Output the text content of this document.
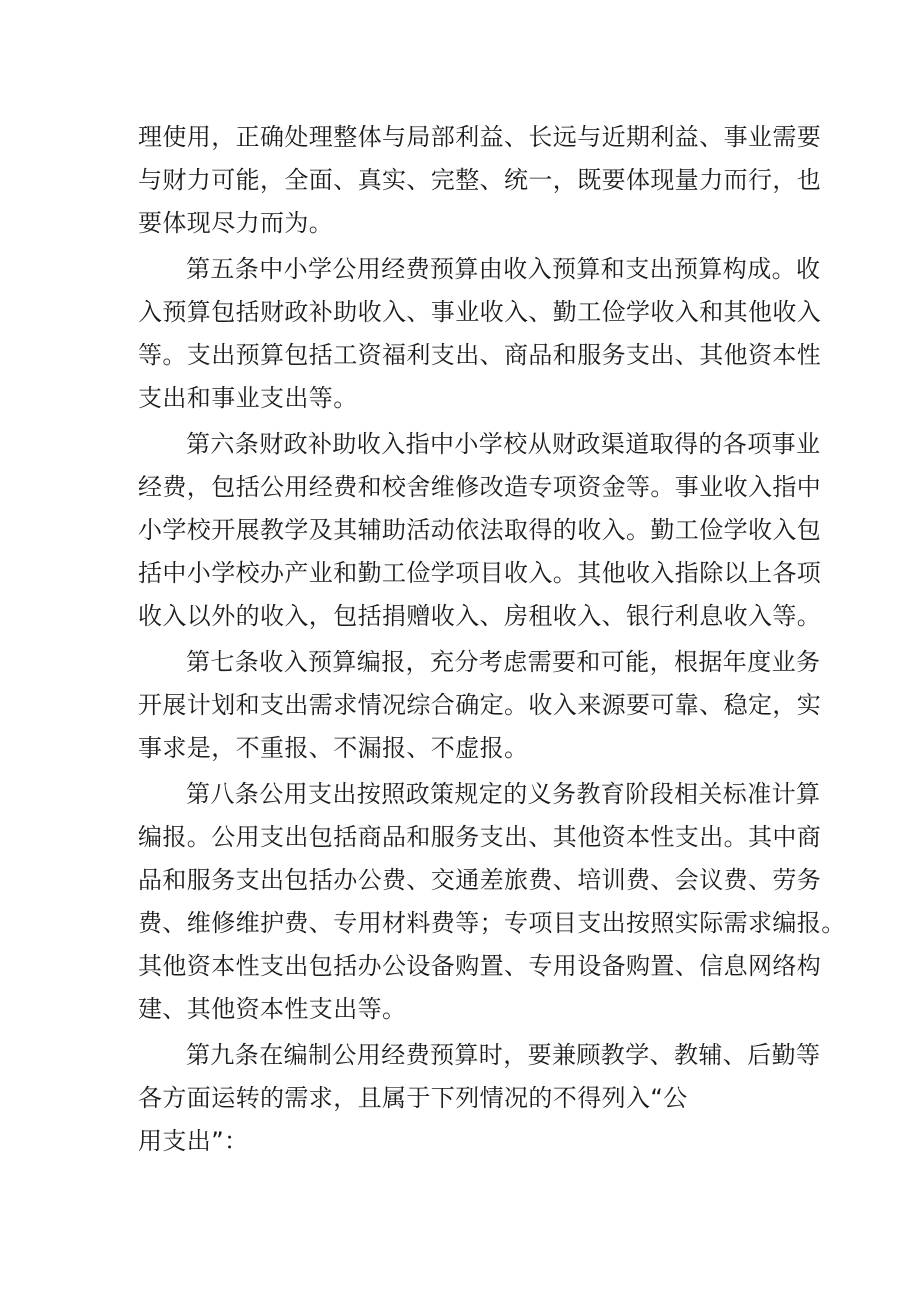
理使用，正确处理整体与局部利益、长远与近期利益、事业需要
与财力可能，全面、真实、完整、统一，既要体现量力而行，也
要体现尽力而为。
第五条中小学公用经费预算由收入预算和支出预算构成。收
入预算包括财政补助收入、事业收入、勤工俭学收入和其他收入
等。支出预算包括工资福利支出、商品和服务支出、其他资本性
支出和事业支出等。
第六条财政补助收入指中小学校从财政渠道取得的各项事业
经费，包括公用经费和校舍维修改造专项资金等。事业收入指中
小学校开展教学及其辅助活动依法取得的收入。勤工俭学收入包
括中小学校办产业和勤工俭学项目收入。其他收入指除以上各项
收入以外的收入，包括捐赠收入、房租收入、银行利息收入等。
第七条收入预算编报，充分考虑需要和可能，根据年度业务
开展计划和支出需求情况综合确定。收入来源要可靠、稳定，实
事求是，不重报、不漏报、不虚报。
第八条公用支出按照政策规定的义务教育阶段相关标准计算
编报。公用支出包括商品和服务支出、其他资本性支出。其中商
品和服务支出包括办公费、交通差旅费、培训费、会议费、劳务
费、维修维护费、专用材料费等；专项目支出按照实际需求编报。
其他资本性支出包括办公设备购置、专用设备购置、信息网络构
建、其他资本性支出等。
第九条在编制公用经费预算时，要兼顾教学、教辅、后勤等
各方面运转的需求，且属于下列情况的不得列入“公
用支出”：
